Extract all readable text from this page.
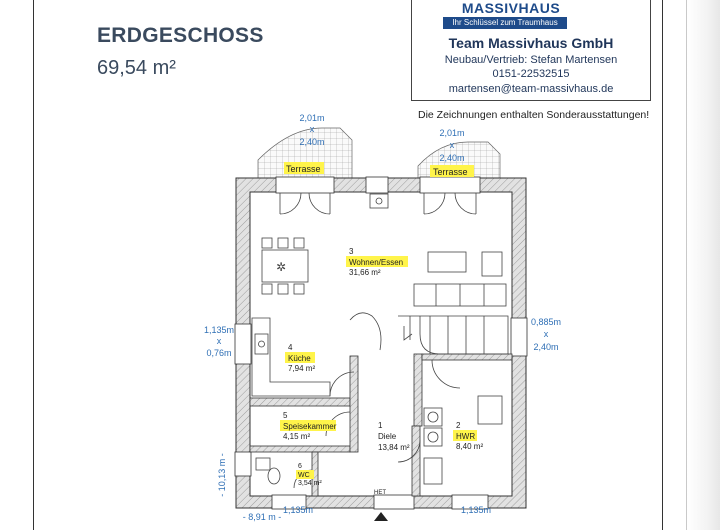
ERDGESCHOSS
69,54 m²
MASSIVHAUS
Ihr Schlüssel zum Traumhaus
Team Massivhaus GmbH
Neubau/Vertrieb: Stefan Martensen
0151-22532515
martensen@team-massivhaus.de
Die Zeichnungen enthalten Sonderausstattungen!
✲
Terrasse	Terrasse
3
Wohnen/Essen
31,66 m²
4
Küche
7,94 m²
5
Speisekammer
4,15 m²
1
Diele
13,84 m²
2
HWR
8,40 m²
6
WC
3,54 m²
HET
2,01m
x
2,40m
2,01m
x
2,40m
1,135m
x
0,76m
0,885m
x
2,40m
- 10,13 m -
- 8,91 m -
1,135m	1,135m
